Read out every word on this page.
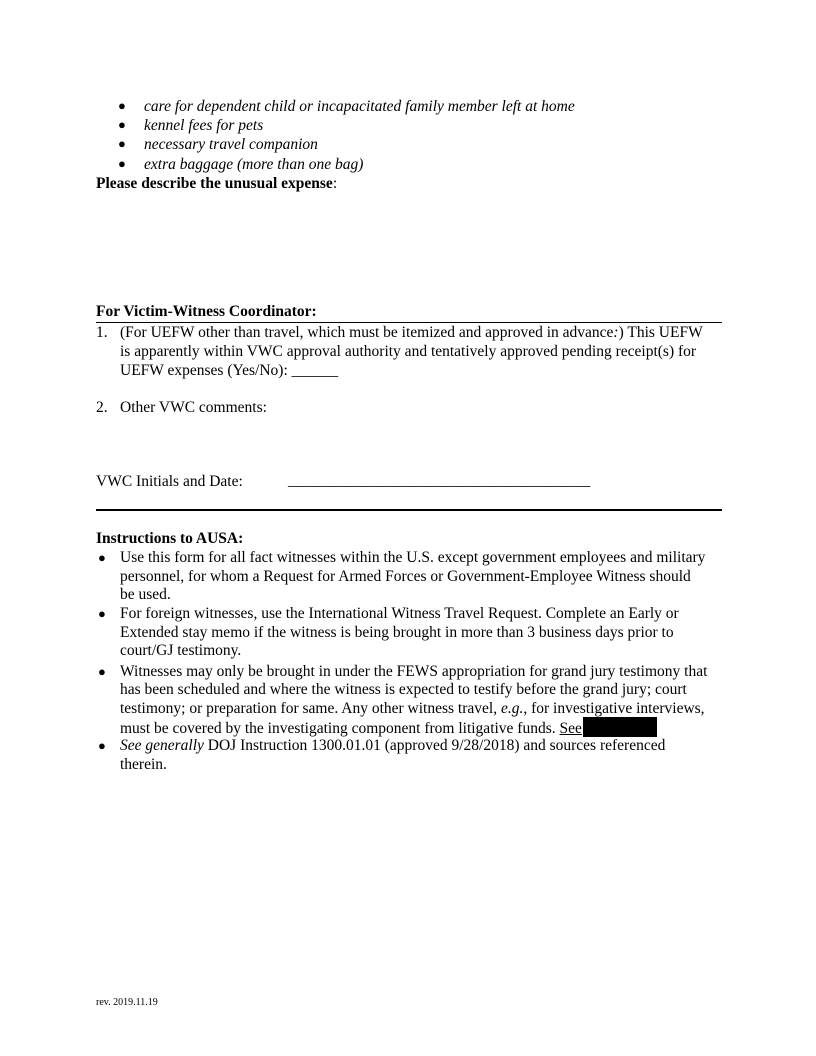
● care for dependent child or incapacitated family member left at home
● kennel fees for pets
● necessary travel companion
● extra baggage (more than one bag)
Please describe the unusual expense:
For Victim-Witness Coordinator:
1. (For UEFW other than travel, which must be itemized and approved in advance:) This UEFW
is apparently within VWC approval authority and tentatively approved pending receipt(s) for
UEFW expenses (Yes/No): ______
2. Other VWC comments:
VWC Initials and Date:	_______________________________________
Instructions to AUSA:
● Use this form for all fact witnesses within the U.S. except government employees and military
personnel, for whom a Request for Armed Forces or Government-Employee Witness should
be used.
● For foreign witnesses, use the International Witness Travel Request. Complete an Early or
Extended stay memo if the witness is being brought in more than 3 business days prior to
court/GJ testimony.
● Witnesses may only be brought in under the FEWS appropriation for grand jury testimony that
has been scheduled and where the witness is expected to testify before the grand jury; court
testimony; or preparation for same. Any other witness travel, e.g., for investigative interviews,
must be covered by the investigating component from litigative funds. See
● See generally DOJ Instruction 1300.01.01 (approved 9/28/2018) and sources referenced
therein.
rev. 2019.11.19
